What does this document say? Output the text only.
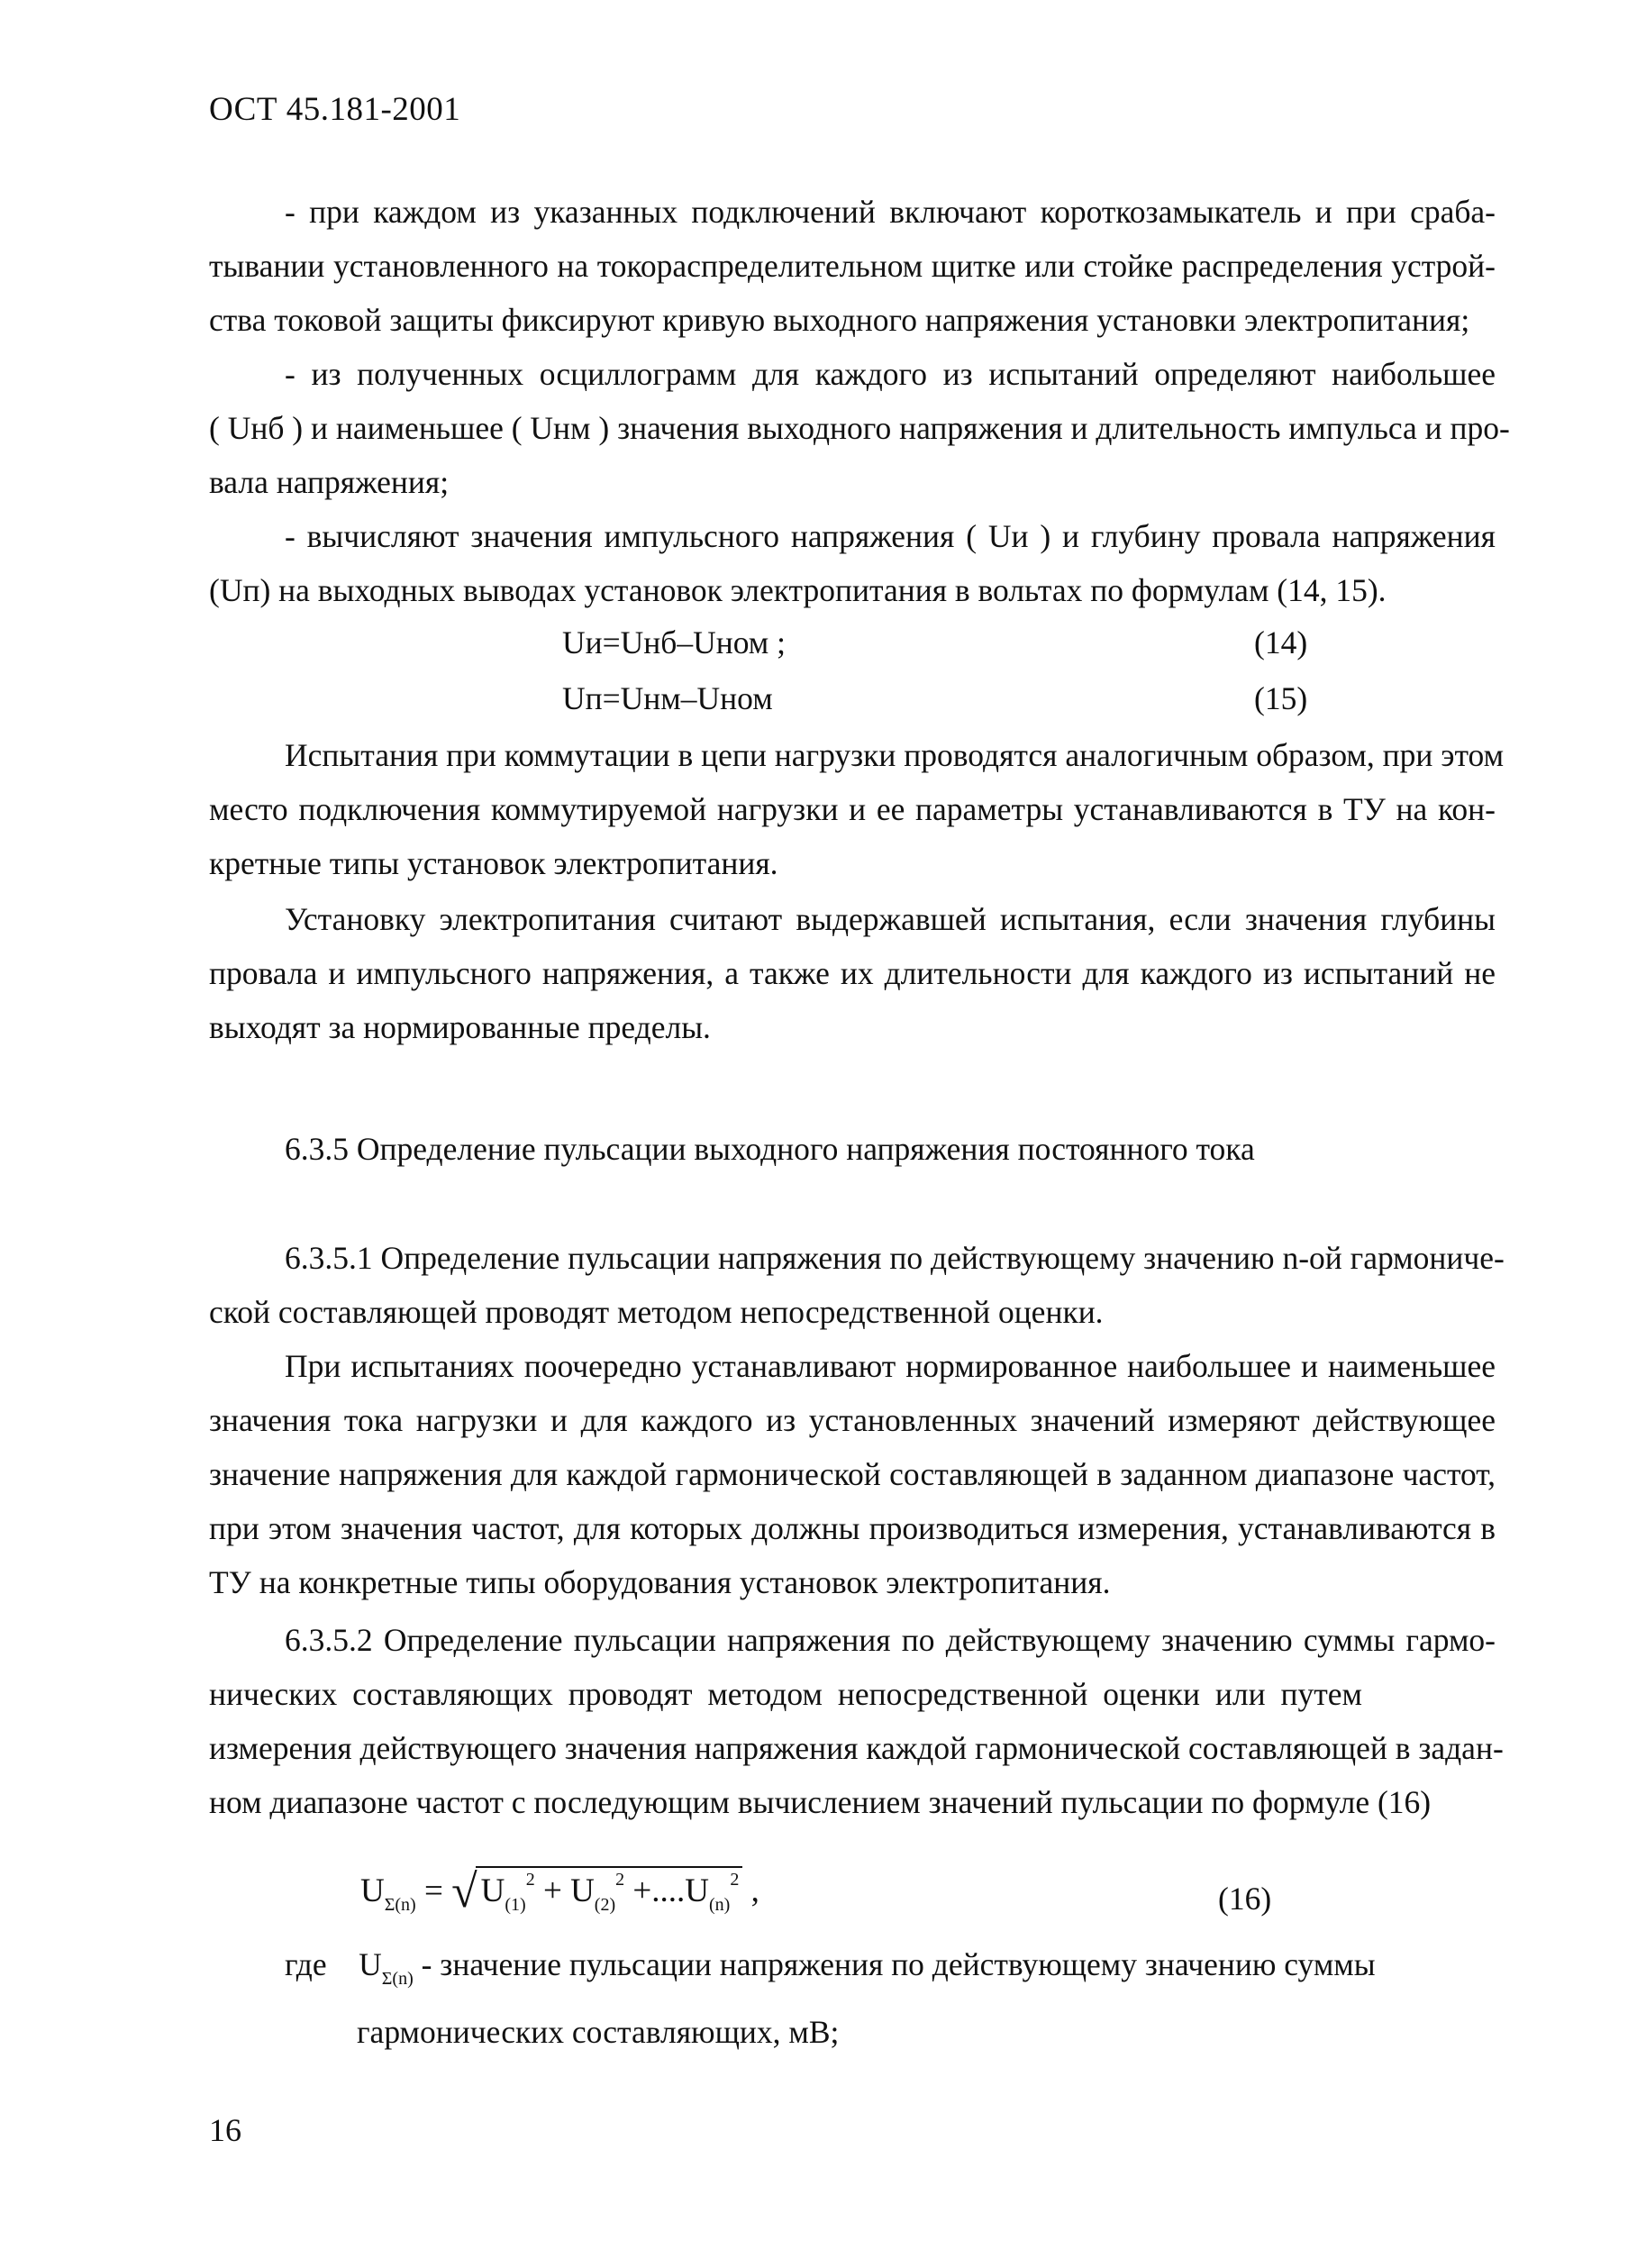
ОСТ 45.181-2001
- при каждом из указанных подключений включают короткозамыкатель и при сраба-
тывании установленного на токораспределительном щитке или стойке распределения устрой-
ства токовой защиты фиксируют кривую выходного напряжения установки электропитания;
- из полученных осциллограмм для каждого из испытаний определяют наибольшее
( Uнб ) и наименьшее ( Uнм ) значения выходного напряжения и длительность импульса и про-
вала напряжения;
- вычисляют значения импульсного напряжения ( Uи ) и глубину провала напряжения
(Uп) на выходных выводах установок электропитания в вольтах по формулам (14, 15).
Uи=Uнб–Uном ;	(14)
Uп=Uнм–Uном	(15)
Испытания при коммутации в цепи нагрузки проводятся аналогичным образом, при этом
место подключения коммутируемой нагрузки и ее параметры устанавливаются в ТУ на кон-
кретные типы установок электропитания.
Установку электропитания считают выдержавшей испытания, если значения глубины
провала и импульсного напряжения, а также их длительности для каждого из испытаний не
выходят за нормированные пределы.
6.3.5 Определение пульсации выходного напряжения постоянного тока
6.3.5.1 Определение пульсации напряжения по действующему значению n-ой гармониче-
ской составляющей проводят методом непосредственной оценки.
При испытаниях поочередно устанавливают нормированное наибольшее и наименьшее
значения тока нагрузки и для каждого из установленных значений измеряют действующее
значение напряжения для каждой гармонической составляющей в заданном диапазоне частот,
при этом значения частот, для которых должны производиться измерения, устанавливаются в
ТУ на конкретные типы оборудования установок электропитания.
6.3.5.2 Определение пульсации напряжения по действующему значению суммы гармо-
нических составляющих проводят методом непосредственной оценки или путем
измерения действующего значения напряжения каждой гармонической составляющей в задан-
ном диапазоне частот с последующим вычислением значений пульсации по формуле (16)
$U_{\Sigma(n)}$ = √ $U_{(1)}^2 + U_{(2)}^2 +....U_{(n)}^2$ ,	(16)
где $U_{\Sigma(n)}$ - значение пульсации напряжения по действующему значению суммы
гармонических составляющих, мВ;
16
